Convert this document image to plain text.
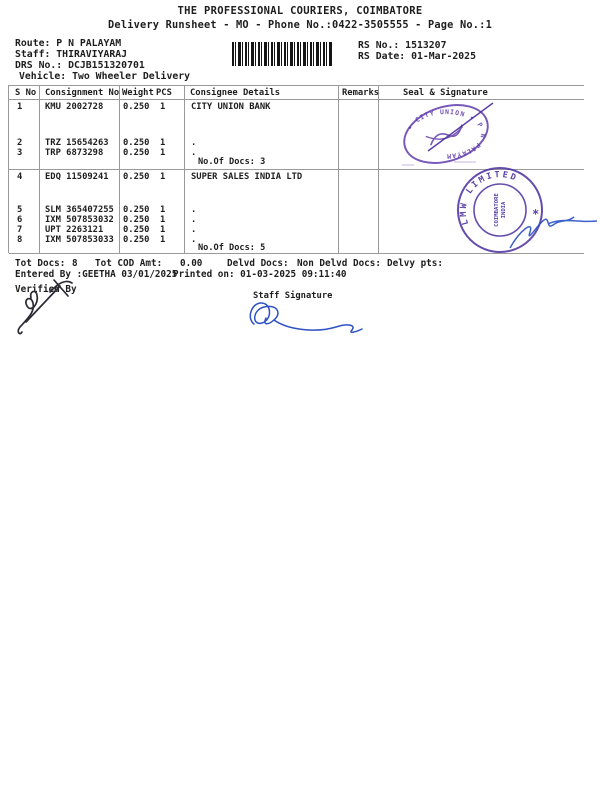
THE PROFESSIONAL COURIERS, COIMBATORE
Delivery Runsheet - MO - Phone No.:0422-3505555 - Page No.:1
Route: P N PALAYAM
Staff: THIRAVIYARAJ
DRS No.: DCJB151320701
Vehicle: Two Wheeler Delivery
RS No.: 1513207
RS Date: 01-Mar-2025
S No Consignment No Weight PCS Consignee Details	Remarks	Seal & Signature
1	KMU 2002728 0.250 1	CITY UNION BANK
2	TRZ 15654263 0.250 1	.
3	TRP 6873298 0.250 1	.
No.Of Docs: 3
4	EDQ 11509241 0.250 1	SUPER SALES INDIA LTD
5	SLM 365407255 0.250 1	.
6	IXM 507853032 0.250 1	.
7	UPT 2263121 0.250 1	.
8	IXM 507853033 0.250 1	.
No.Of Docs: 5
• CITY UNION • P N PALAYAM
LMW LIMITED
*
COIMBATORE INDIA
Tot Docs: 8 Tot COD Amt: 0.00	Delvd Docs: Non Delvd Docs: Delvy pts:
Entered By :GEETHA 03/01/2025
Printed on: 01-03-2025 09:11:40
Verified By
Staff Signature
